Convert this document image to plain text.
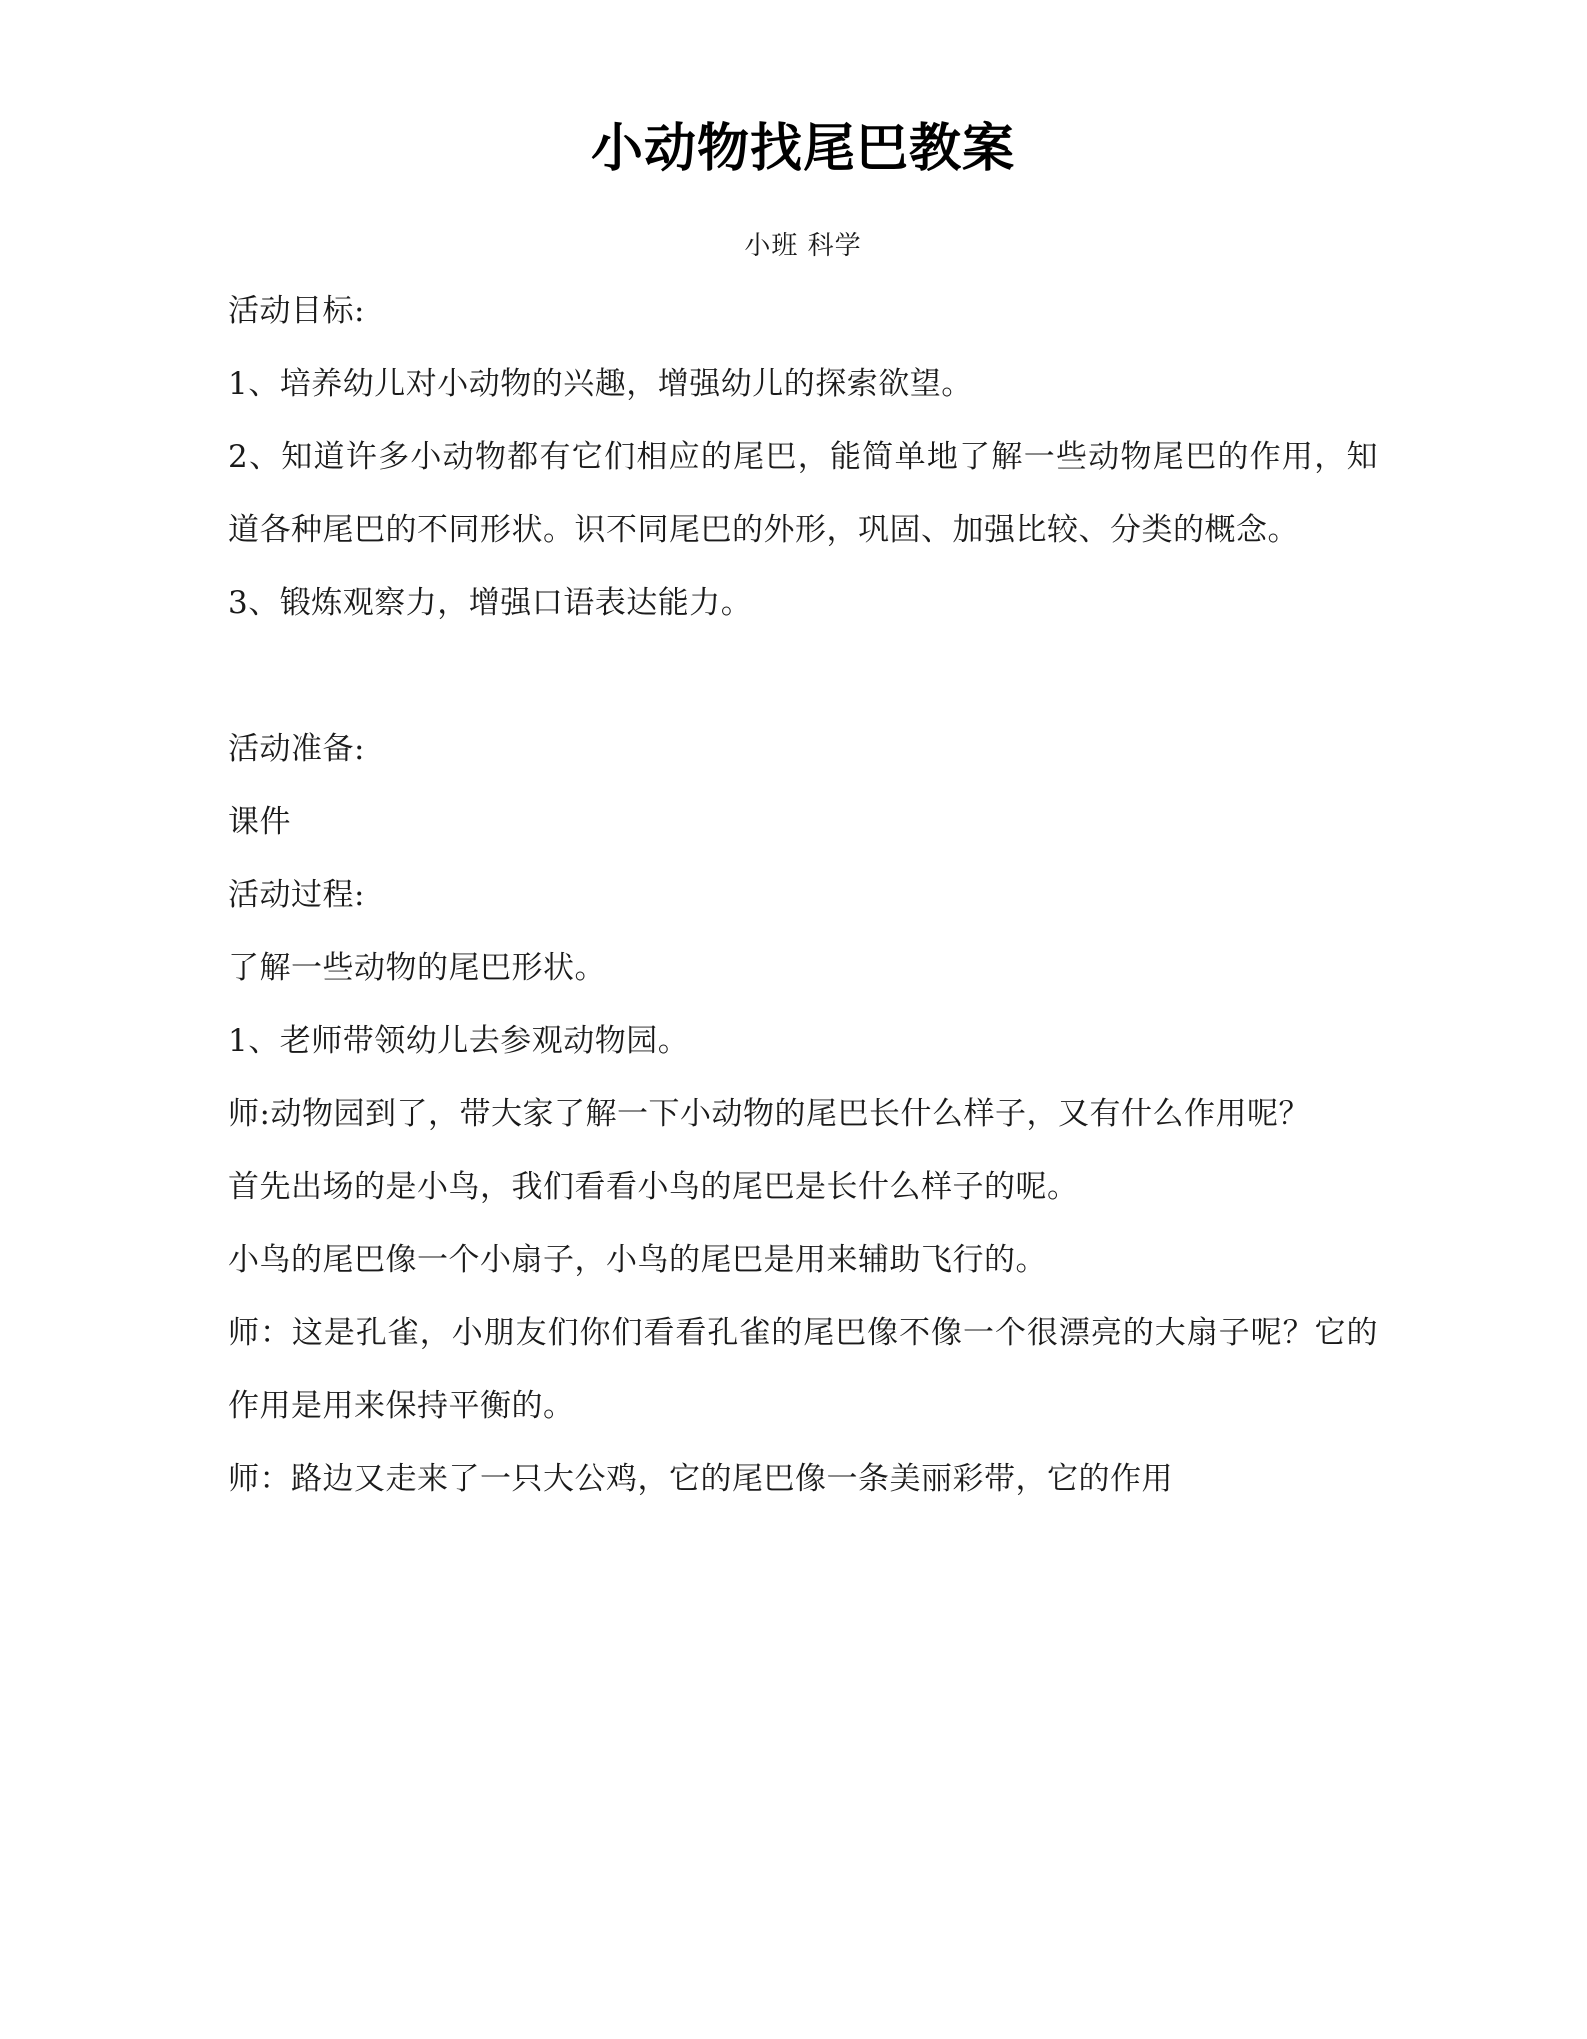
小动物找尾巴教案
小班 科学

活动目标:

1、培养幼儿对小动物的兴趣，增强幼儿的探索欲望。

2、知道许多小动物都有它们相应的尾巴，能简单地了解一些动物尾巴的作用，知道各种尾巴的不同形状。识不同尾巴的外形，巩固、加强比较、分类的概念。

3、锻炼观察力，增强口语表达能力。

活动准备:

课件

活动过程:

了解一些动物的尾巴形状。

1、老师带领幼儿去参观动物园。

师:动物园到了，带大家了解一下小动物的尾巴长什么样子，又有什么作用呢？

首先出场的是小鸟，我们看看小鸟的尾巴是长什么样子的呢。

小鸟的尾巴像一个小扇子，小鸟的尾巴是用来辅助飞行的。

师：这是孔雀，小朋友们你们看看孔雀的尾巴像不像一个很漂亮的大扇子呢？它的作用是用来保持平衡的。

师：路边又走来了一只大公鸡，它的尾巴像一条美丽彩带，它的作用
